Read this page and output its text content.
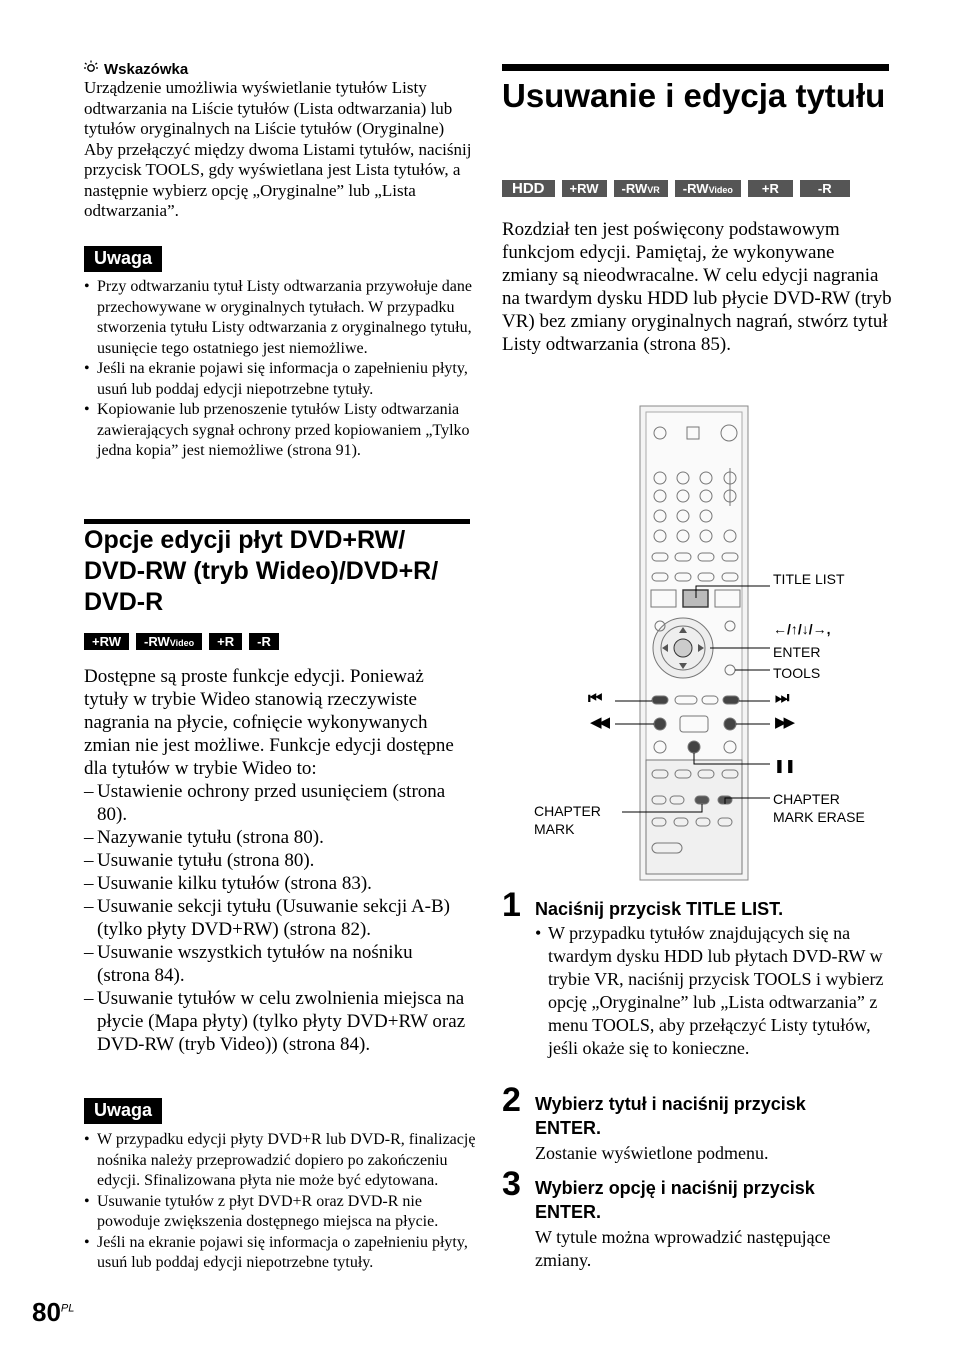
Wskazówka
Urządzenie umożliwia wyświetlanie tytułów Listy odtwarzania na Liście tytułów (Lista odtwarzania) lub tytułów oryginalnych na Liście tytułów (Oryginalne) Aby przełączyć między dwoma Listami tytułów, naciśnij przycisk TOOLS, gdy wyświetlana jest Lista tytułów, a następnie wybierz opcję „Oryginalne” lub „Lista odtwarzania”.
Uwaga
• Przy odtwarzaniu tytuł Listy odtwarzania przywołuje dane przechowywane w oryginalnych tytułach. W przypadku stworzenia tytułu Listy odtwarzania z oryginalnego tytułu, usunięcie tego ostatniego jest niemożliwe.
• Jeśli na ekranie pojawi się informacja o zapełnieniu płyty, usuń lub poddaj edycji niepotrzebne tytuły.
• Kopiowanie lub przenoszenie tytułów Listy odtwarzania zawierających sygnał ochrony przed kopiowaniem „Tylko jedna kopia” jest niemożliwe (strona 91).
Opcje edycji płyt DVD+RW/ DVD-RW (tryb Wideo)/DVD+R/ DVD-R
+RW	-RWVideo	+R	-R
Dostępne są proste funkcje edycji. Ponieważ tytuły w trybie Wideo stanowią rzeczywiste nagrania na płycie, cofnięcie wykonywanych zmian nie jest możliwe. Funkcje edycji dostępne dla tytułów w trybie Wideo to:
– Ustawienie ochrony przed usunięciem (strona 80).
– Nazywanie tytułu (strona 80).
– Usuwanie tytułu (strona 80).
– Usuwanie kilku tytułów (strona 83).
– Usuwanie sekcji tytułu (Usuwanie sekcji A-B) (tylko płyty DVD+RW) (strona 82).
– Usuwanie wszystkich tytułów na nośniku (strona 84).
– Usuwanie tytułów w celu zwolnienia miejsca na płycie (Mapa płyty) (tylko płyty DVD+RW oraz DVD-RW (tryb Video)) (strona 84).
Uwaga
• W przypadku edycji płyty DVD+R lub DVD-R, finalizację nośnika należy przeprowadzić dopiero po zakończeniu edycji. Sfinalizowana płyta nie może być edytowana.
• Usuwanie tytułów z płyt DVD+R oraz DVD-R nie powoduje zwiększenia dostępnego miejsca na płycie.
• Jeśli na ekranie pojawi się informacja o zapełnieniu płyty, usuń lub poddaj edycji niepotrzebne tytuły.
$80^{PL}$
Usuwanie i edycja tytułu
HDD	+RW	-RWVR	-RWVideo	+R	-R
Rozdział ten jest poświęcony podstawowym funkcjom edycji. Pamiętaj, że wykonywane zmiany są nieodwracalne. W celu edycji nagrania na twardym dysku HDD lub płycie DVD-RW (tryb VR) bez zmiany oryginalnych nagrań, stwórz tytuł Listy odtwarzania (strona 85).
TITLE LIST
←/↑/↓/→,
ENTER
TOOLS
⏮	⏭
◀◀	▶▶
❚❚
CHAPTER
MARK
CHAPTER
MARK ERASE
1 Naciśnij przycisk TITLE LIST.
• W przypadku tytułów znajdujących się na twardym dysku HDD lub płytach DVD-RW w trybie VR, naciśnij przycisk TOOLS i wybierz opcję „Oryginalne” lub „Lista odtwarzania” z menu TOOLS, aby przełączyć Listy tytułów, jeśli okaże się to konieczne.
2 Wybierz tytuł i naciśnij przycisk ENTER.
Zostanie wyświetlone podmenu.
3 Wybierz opcję i naciśnij przycisk ENTER.
W tytule można wprowadzić następujące zmiany.
